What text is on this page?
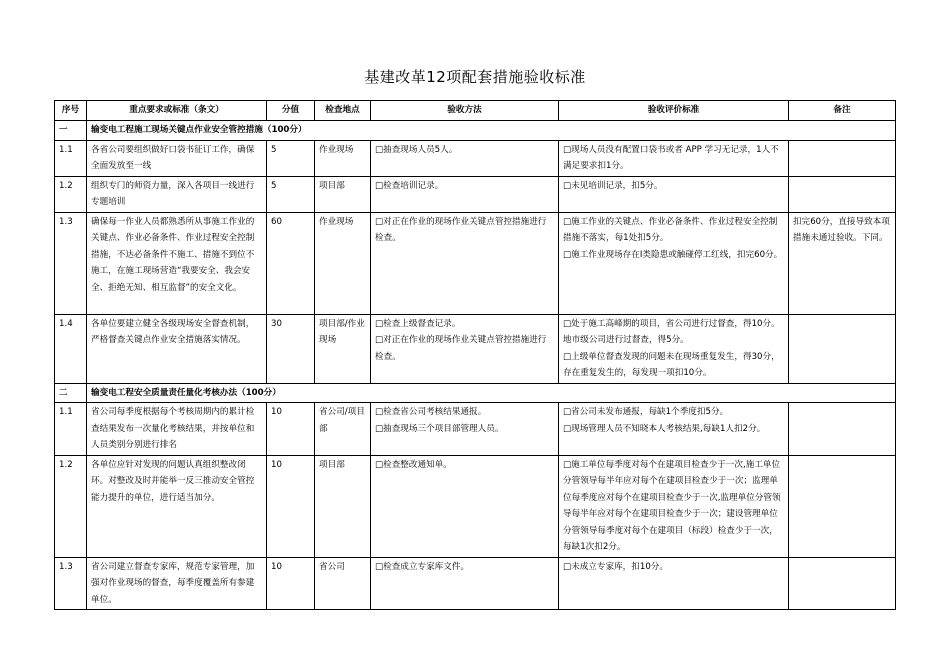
基建改革12项配套措施验收标准
序号	重点要求或标准（条文）	分值	检查地点	验收方法	验收评价标准	备注
一	输变电工程施工现场关键点作业安全管控措施（100分）					
1.1	各省公司要组织做好口袋书征订工作，确保全面发放至一线	5	作业现场	□抽查现场人员5人。	□现场人员没有配置口袋书或者 APP 学习无记录，1人不满足要求扣1分。	

1.2	组织专门的师资力量，深入各项目一线进行专题培训	5	项目部	□检查培训记录。	□未见培训记录，扣5分。	

1.3	确保每一作业人员都熟悉所从事施工作业的关键点、作业必备条件、作业过程安全控制措施，不达必备条件不施工、措施不到位不施工，在施工现场营造“我要安全、我会安全、拒绝无知、相互监督”的安全文化。	60	作业现场	□对正在作业的现场作业关键点管控措施进行检查。	□施工作业的关键点、作业必备条件、作业过程安全控制措施不落实，每1处扣5分。
□施工作业现场存在I类隐患或触碰停工红线，扣完60分。	扣完60分，直接导致本项措施未通过验收。下同。
1.4	各单位要建立健全各级现场安全督查机制，严格督查关键点作业安全措施落实情况。	30	项目部/作业现场	□检查上级督查记录。
□对正在作业的现场作业关键点管控措施进行检查。	□处于施工高峰期的项目，省公司进行过督查，得10分。地市级公司进行过督查，得5分。
□上级单位督查发现的问题未在现场重复发生，得30分，存在重复发生的，每发现一项扣10分。	

二	输变电工程安全质量责任量化考核办法（100分）					
1.1	省公司每季度根据每个考核周期内的累计检查结果发布一次量化考核结果，并按单位和人员类别分别进行排名	10	省公司/项目部	□检查省公司考核结果通报。
□抽查现场三个项目部管理人员。	□省公司未发布通报，每缺1个季度扣5分。
□现场管理人员不知晓本人考核结果,每缺1人扣2分。	

1.2	各单位应针对发现的问题认真组织整改闭环。对整改及时并能举一反三推动安全管控能力提升的单位，进行适当加分。	10	项目部	□检查整改通知单。	□施工单位每季度对每个在建项目检查少于一次,施工单位分管领导每半年应对每个在建项目检查少于一次；监理单位每季度应对每个在建项目检查少于一次,监理单位分管领导每半年应对每个在建项目检查少于一次；建设管理单位分管领导每季度对每个在建项目（标段）检查少于一次，每缺1次扣2分。	

1.3	省公司建立督查专家库，规范专家管理，加强对作业现场的督查，每季度覆盖所有参建单位。	10	省公司	□检查成立专家库文件。	□未成立专家库，扣10分。	
